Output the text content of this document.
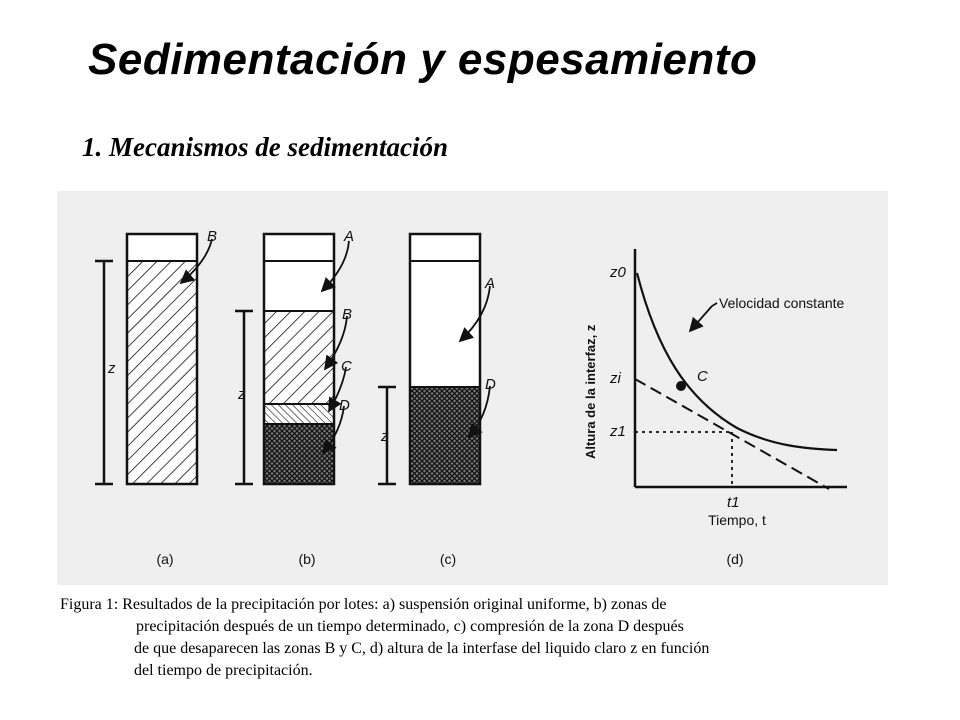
Sedimentación y espesamiento
1. Mecanismos de sedimentación
z
B
(a)
z
A
B
C
D
(b)
z
A
D
(c)
C
Velocidad constante
z0
zi
z1
t1
Altura de la interfaz, z
Tiempo, t
(d)
Figura 1: Resultados de la precipitación por lotes: a) suspensión original uniforme, b) zonas de
precipitación después de un tiempo determinado, c) compresión de la zona D después
de que desaparecen las zonas B y C, d) altura de la interfase del liquido claro z en función
del tiempo de precipitación.
